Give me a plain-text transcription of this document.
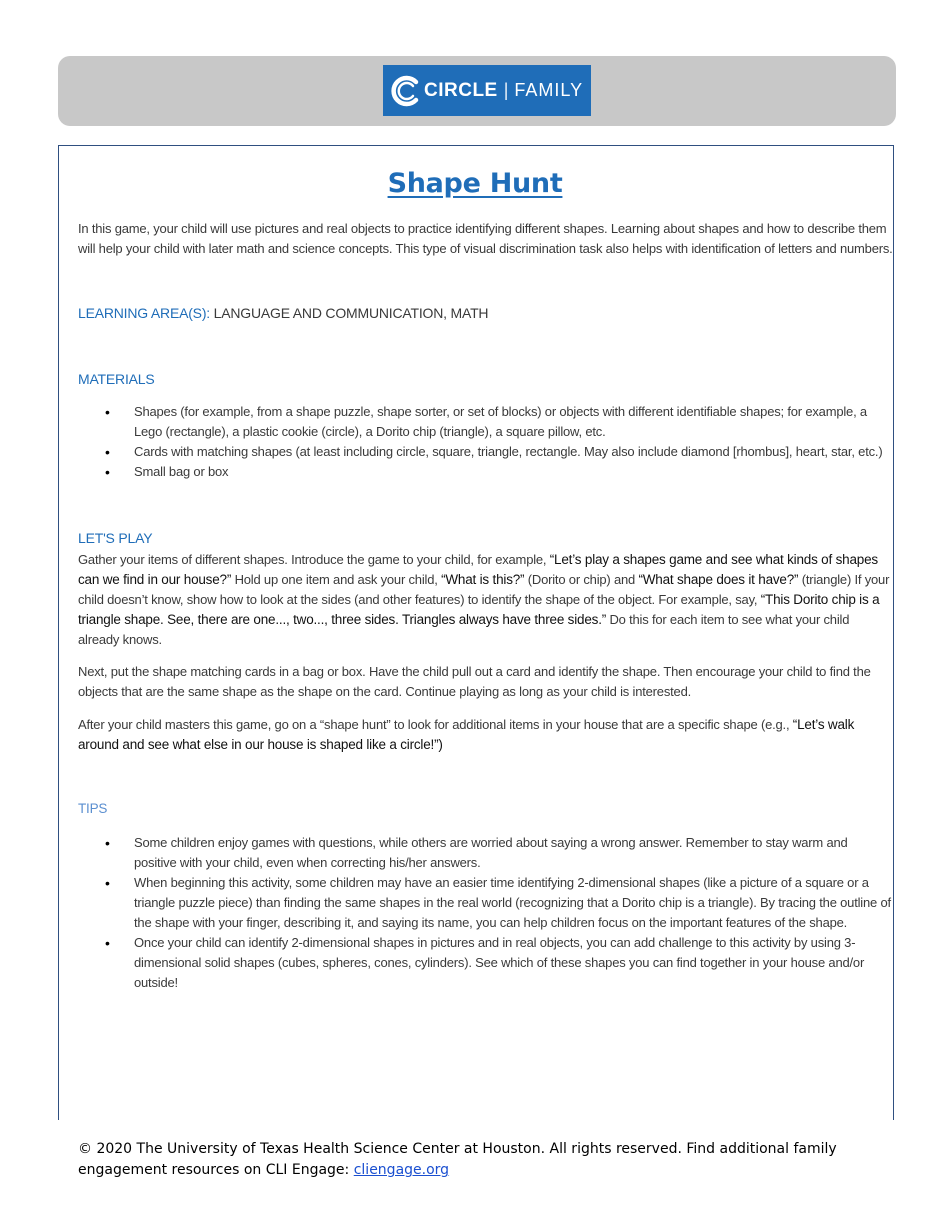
CIRCLE | FAMILY
Shape Hunt
In this game, your child will use pictures and real objects to practice identifying different shapes. Learning about shapes and how to describe them will help your child with later math and science concepts. This type of visual discrimination task also helps with identification of letters and numbers.
LEARNING AREA(S): LANGUAGE AND COMMUNICATION, MATH
MATERIALS
• Shapes (for example, from a shape puzzle, shape sorter, or set of blocks) or objects with different identifiable shapes; for example, a Lego (rectangle), a plastic cookie (circle), a Dorito chip (triangle), a square pillow, etc.
• Cards with matching shapes (at least including circle, square, triangle, rectangle. May also include diamond [rhombus], heart, star, etc.)
• Small bag or box
LET'S PLAY
Gather your items of different shapes. Introduce the game to your child, for example, “Let’s play a shapes game and see what kinds of shapes can we find in our house?” Hold up one item and ask your child, “What is this?” (Dorito or chip) and “What shape does it have?” (triangle) If your child doesn’t know, show how to look at the sides (and other features) to identify the shape of the object. For example, say, “This Dorito chip is a triangle shape. See, there are one..., two..., three sides. Triangles always have three sides.” Do this for each item to see what your child already knows.
Next, put the shape matching cards in a bag or box. Have the child pull out a card and identify the shape. Then encourage your child to find the objects that are the same shape as the shape on the card. Continue playing as long as your child is interested.
After your child masters this game, go on a “shape hunt” to look for additional items in your house that are a specific shape (e.g., “Let’s walk around and see what else in our house is shaped like a circle!”)
TIPS
• Some children enjoy games with questions, while others are worried about saying a wrong answer. Remember to stay warm and positive with your child, even when correcting his/her answers.
• When beginning this activity, some children may have an easier time identifying 2-dimensional shapes (like a picture of a square or a triangle puzzle piece) than finding the same shapes in the real world (recognizing that a Dorito chip is a triangle). By tracing the outline of the shape with your finger, describing it, and saying its name, you can help children focus on the important features of the shape.
• Once your child can identify 2-dimensional shapes in pictures and in real objects, you can add challenge to this activity by using 3-dimensional solid shapes (cubes, spheres, cones, cylinders). See which of these shapes you can find together in your house and/or outside!
© 2020 The University of Texas Health Science Center at Houston. All rights reserved. Find additional family engagement resources on CLI Engage: cliengage.org
